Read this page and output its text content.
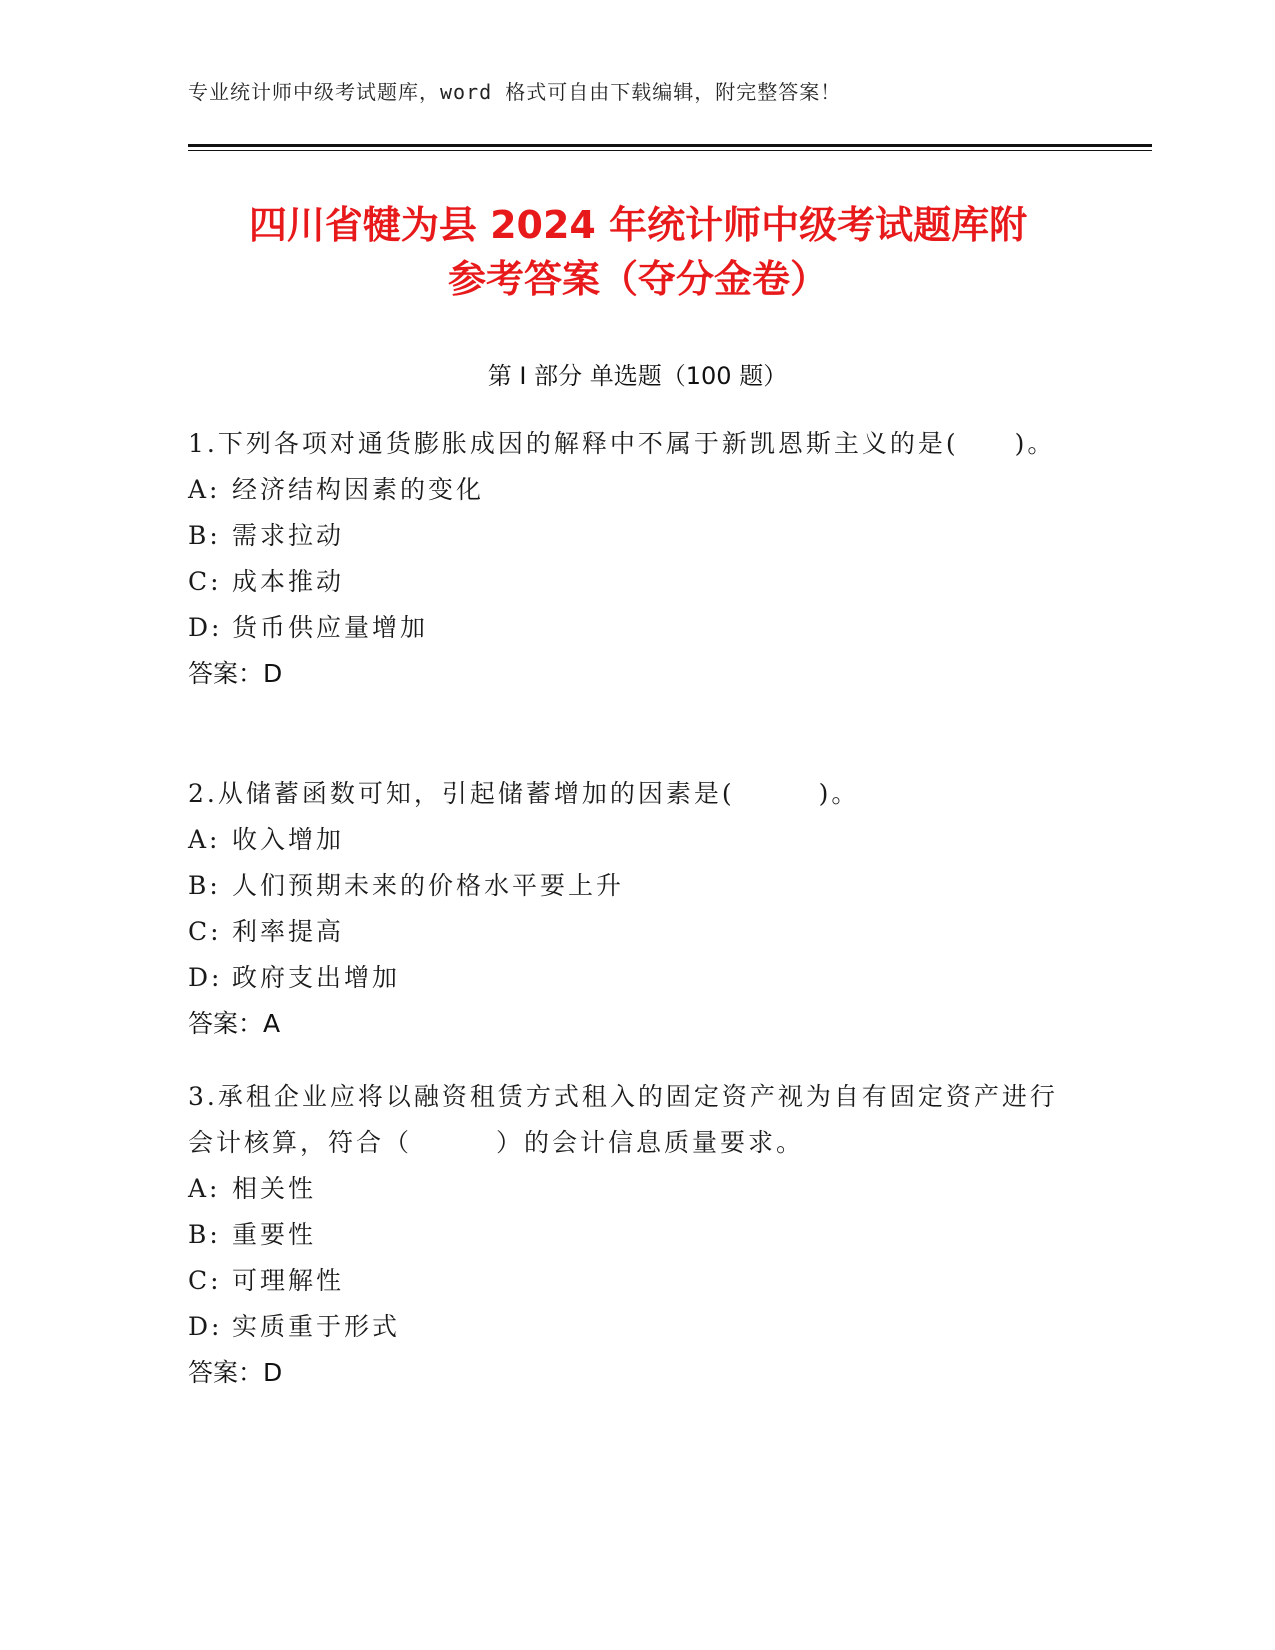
专业统计师中级考试题库，word 格式可自由下载编辑，附完整答案！
四川省犍为县 2024 年统计师中级考试题库附
参考答案（夺分金卷）
第 I 部分 单选题（100 题）
1.下列各项对通货膨胀成因的解释中不属于新凯恩斯主义的是(　　)。
A: 经济结构因素的变化
B: 需求拉动
C: 成本推动
D: 货币供应量增加
答案：D
2.从储蓄函数可知，引起储蓄增加的因素是(　　　)。
A: 收入增加
B: 人们预期未来的价格水平要上升
C: 利率提高
D: 政府支出增加
答案：A
3.承租企业应将以融资租赁方式租入的固定资产视为自有固定资产进行会计核算，符合（　　　）的会计信息质量要求。
A: 相关性
B: 重要性
C: 可理解性
D: 实质重于形式
答案：D
